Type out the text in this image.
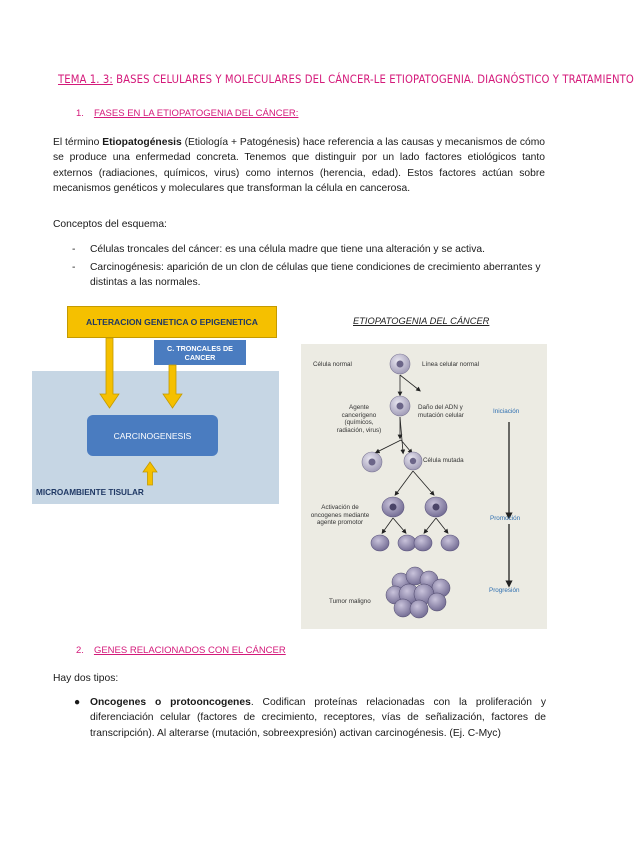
TEMA 1. 3: BASES CELULARES Y MOLECULARES DEL CÁNCER-LE ETIOPATOGENIA. DIAGNÓSTICO Y TRATAMIENTO
1. FASES EN LA ETIOPATOGENIA DEL CÁNCER:
El término Etiopatogénesis (Etiología + Patogénesis) hace referencia a las causas y mecanismos de cómo se produce una enfermedad concreta. Tenemos que distinguir por un lado factores etiológicos tanto externos (radiaciones, químicos, virus) como internos (herencia, edad). Estos factores actúan sobre mecanismos genéticos y moleculares que transforman la célula en cancerosa.
Conceptos del esquema:
- Células troncales del cáncer: es una célula madre que tiene una alteración y se activa.
- Carcinogénesis: aparición de un clon de células que tiene condiciones de crecimiento aberrantes y distintas a las normales.
ALTERACION GENETICA O EPIGENETICA
C. TRONCALES DE CANCER
CARCINOGENESIS
MICROAMBIENTE TISULAR
ETIOPATOGENIA DEL CÁNCER
Célula normal	Línea celular normal
Agente cancerígeno (químicos, radiación, virus)
Daño del ADN y mutación celular
Célula mutada
Activación de oncogenes mediante agente promotor
Tumor maligno
Iniciación
Promoción
Progresión
2. GENES RELACIONADOS CON EL CÁNCER
Hay dos tipos:
● Oncogenes o protooncogenes. Codifican proteínas relacionadas con la proliferación y diferenciación celular (factores de crecimiento, receptores, vías de señalización, factores de transcripción). Al alterarse (mutación, sobreexpresión) activan carcinogénesis. (Ej. C-Myc)
